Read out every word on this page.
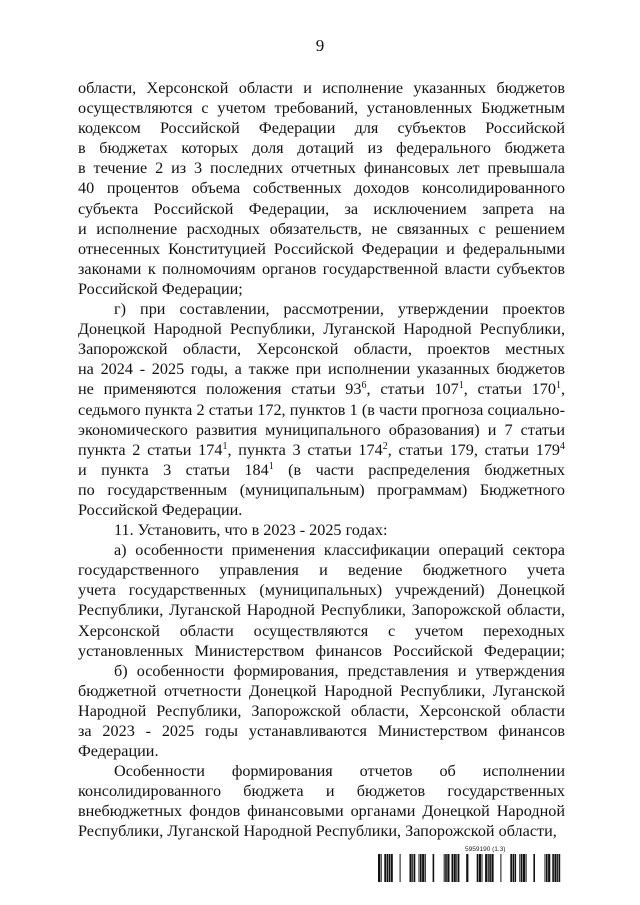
9
области, Херсонской области и исполнение указанных бюджетов
осуществляются с учетом требований, установленных Бюджетным
кодексом Российской Федерации для субъектов Российской
в бюджетах которых доля дотаций из федерального бюджета
в течение 2 из 3 последних отчетных финансовых лет превышала
40 процентов объема собственных доходов консолидированного
субъекта Российской Федерации, за исключением запрета на
и исполнение расходных обязательств, не связанных с решением
отнесенных Конституцией Российской Федерации и федеральными
законами к полномочиям органов государственной власти субъектов
Российской Федерации;
г) при составлении, рассмотрении, утверждении проектов
Донецкой Народной Республики, Луганской Народной Республики,
Запорожской области, Херсонской области, проектов местных
на 2024 - 2025 годы, а также при исполнении указанных бюджетов
не применяются положения статьи $93^6$, статьи $107^1$, статьи $170^1$,
седьмого пункта 2 статьи 172, пунктов 1 (в части прогноза социально-
экономического развития муниципального образования) и 7 статьи
пункта 2 статьи $174^1$, пункта 3 статьи $174^2$, статьи 179, статьи $179^4$
и пункта 3 статьи $184^1$ (в части распределения бюджетных
по государственным (муниципальным) программам) Бюджетного
Российской Федерации.
11. Установить, что в 2023 - 2025 годах:
а) особенности применения классификации операций сектора
государственного управления и ведение бюджетного учета
учета государственных (муниципальных) учреждений) Донецкой
Республики, Луганской Народной Республики, Запорожской области,
Херсонской области осуществляются с учетом переходных
установленных Министерством финансов Российской Федерации;
б) особенности формирования, представления и утверждения
бюджетной отчетности Донецкой Народной Республики, Луганской
Народной Республики, Запорожской области, Херсонской области
за 2023 - 2025 годы устанавливаются Министерством финансов
Федерации.
Особенности формирования отчетов об исполнении
консолидированного бюджета и бюджетов государственных
внебюджетных фондов финансовыми органами Донецкой Народной
Республики, Луганской Народной Республики, Запорожской области,
5959190 (1.3)
